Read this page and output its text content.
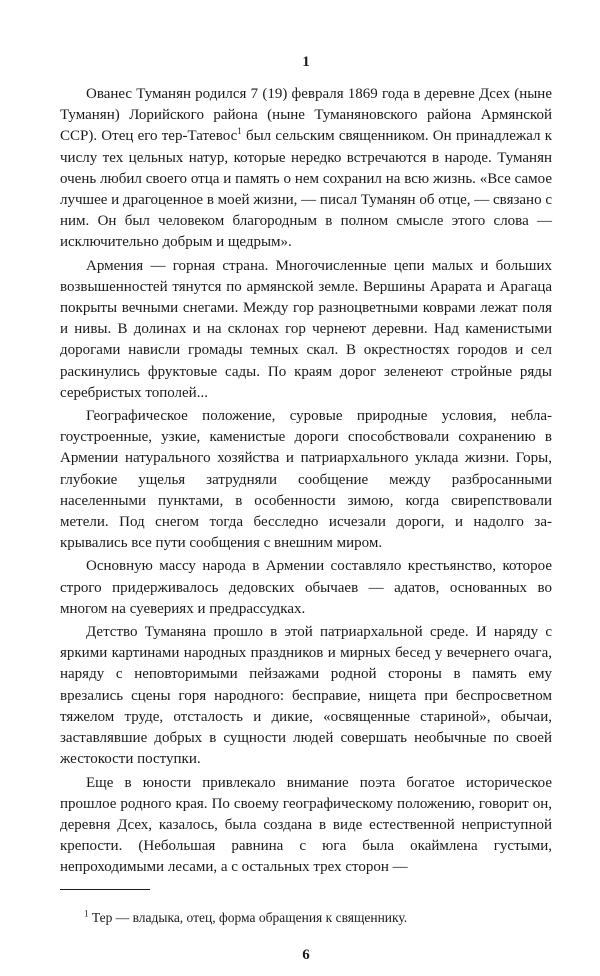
1

Ованес Туманян родился 7 (19) февраля 1869 года в деревне Дсех (ныне Туманян) Лорийского района (ныне Туманяновского района Армянской ССР). Отец его тер-Татевос$^1$ был сельским священником. Он принадлежал к числу тех цельных натур, которые нередко встречаются в народе. Туманян очень любил своего отца и память о нем сохранил на всю жизнь. «Все самое лучшее и драгоценное в моей жизни, — писал Туманян об отце, — связано с ним. Он был человеком благородным в полном смысле этого слова — исключительно добрым и щедрым».

Армения — горная страна. Многочисленные цепи малых и больших возвышенностей тянутся по армянской земле. Вершины Арарата и Арагаца покрыты вечными снегами. Между гор разноцветными коврами лежат поля и нивы. В долинах и на склонах гор чернеют деревни. Над каменистыми дорогами нависли громады темных скал. В окрестностях городов и сел раскинулись фруктовые сады. По краям дорог зеленеют стройные ряды серебристых тополей...

Географическое положение, суровые природные условия, неблагоустроенные, узкие, каменистые дороги способствовали сохранению в Армении натурального хозяйства и патриархального уклада жизни. Горы, глубокие ущелья затрудняли сообщение между разбросанными населенными пунктами, в особенности зимою, когда свирепствовали метели. Под снегом тогда бесследно исчезали дороги, и надолго закрывались все пути сообщения с внешним миром.

Основную массу народа в Армении составляло крестьянство, которое строго придерживалось дедовских обычаев — адатов, основанных во многом на суевериях и предрассудках.

Детство Туманяна прошло в этой патриархальной среде. И наряду с яркими картинами народных праздников и мирных бесед у вечернего очага, наряду с неповторимыми пейзажами родной стороны в память ему врезались сцены горя народного: бесправие, нищета при беспросветном тяжелом труде, отсталость и дикие, «освященные стариной», обычаи, заставлявшие добрых в сущности людей совершать необычные по своей жестокости поступки.

Еще в юности привлекало внимание поэта богатое историческое прошлое родного края. По своему географическому положению, говорит он, деревня Дсех, казалось, была создана в виде естественной неприступной крепости. (Небольшая равнина с юга была окаймлена густыми, непроходимыми лесами, а с остальных трех сторон —

$^1$ Тер — владыка, отец, форма обращения к священнику.

6
